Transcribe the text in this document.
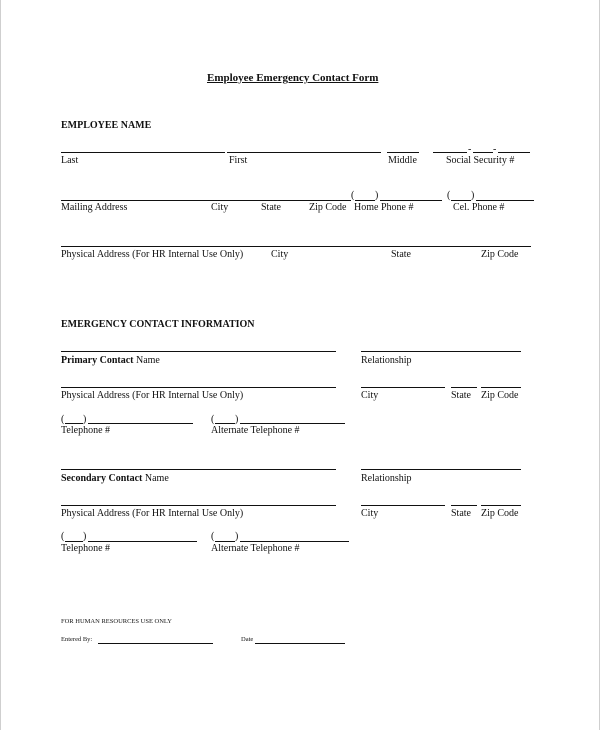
Employee Emergency Contact Form
EMPLOYEE NAME
- -
Last	First	Middle	Social Security #
( )	( )
Mailing Address	City	State	Zip Code Home Phone #	Cel. Phone #
Physical Address (For HR Internal Use Only)	City	State	Zip Code
EMERGENCY CONTACT INFORMATION
Primary Contact Name	Relationship
Physical Address (For HR Internal Use Only)	City	State Zip Code
( )	( )
Telephone #	Alternate Telephone #
Secondary Contact Name	Relationship
Physical Address (For HR Internal Use Only)	City	State Zip Code
( )	( )
Telephone #	Alternate Telephone #
FOR HUMAN RESOURCES USE ONLY
Entered By:	Date
